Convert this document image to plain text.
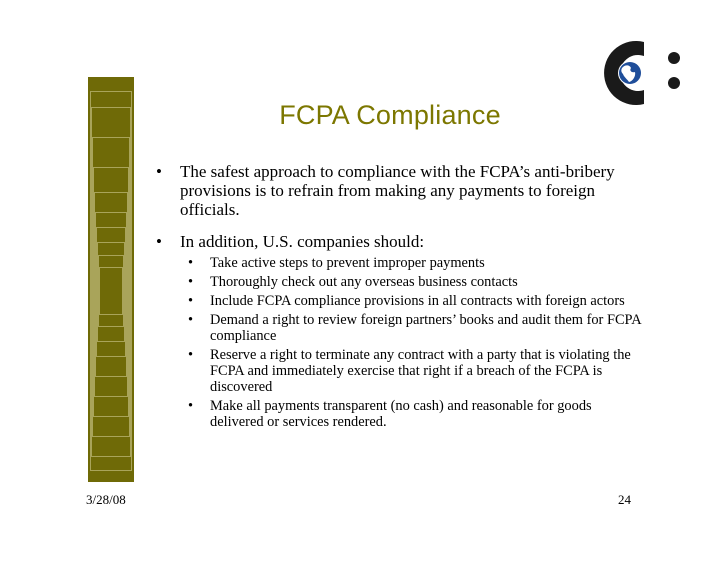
FCPA Compliance
• The safest approach to compliance with the FCPA’s anti-bribery provisions is to refrain from making any payments to foreign officials.
• In addition, U.S. companies should:
• Take active steps to prevent improper payments
• Thoroughly check out any overseas business contacts
• Include FCPA compliance provisions in all contracts with foreign actors
• Demand a right to review foreign partners’ books and audit them for FCPA compliance
• Reserve a right to terminate any contract with a party that is violating the FCPA and immediately exercise that right if a breach of the FCPA is discovered
• Make all payments transparent (no cash) and reasonable for goods delivered or services rendered.
3/28/08	24
